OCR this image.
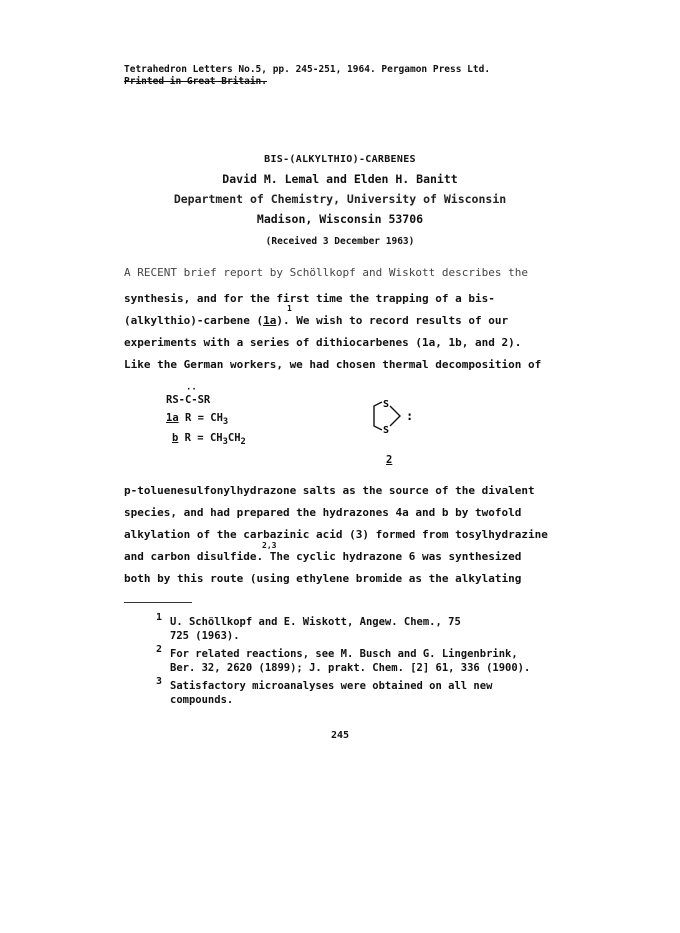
Tetrahedron Letters No.5, pp. 245-251, 1964. Pergamon Press Ltd.
Printed in Great Britain.
BIS-(ALKYLTHIO)-CARBENES
David M. Lemal and Elden H. Banitt
Department of Chemistry, University of Wisconsin
Madison, Wisconsin 53706
(Received 3 December 1963)
A RECENT brief report by Schöllkopf and Wiskott describes the
synthesis, and for the first time the trapping of a bis-
1
(alkylthio)-carbene (1a). We wish to record results of our
experiments with a series of dithiocarbenes (1a, 1b, and 2).
Like the German workers, we had chosen thermal decomposition of
··
RS-C-SR
1a $R = CH_3$
b $R = CH_3CH_2$
S
S
:
2
p-toluenesulfonylhydrazone salts as the source of the divalent
species, and had prepared the hydrazones 4a and b by twofold
alkylation of the carbazinic acid (3) formed from tosylhydrazine
2,3
and carbon disulfide. The cyclic hydrazone 6 was synthesized
both by this route (using ethylene bromide as the alkylating
1 U. Schöllkopf and E. Wiskott, Angew. Chem., 75
725 (1963).
2 For related reactions, see M. Busch and G. Lingenbrink,
Ber. 32, 2620 (1899); J. prakt. Chem. [2] 61, 336 (1900).
3 Satisfactory microanalyses were obtained on all new
compounds.
245
